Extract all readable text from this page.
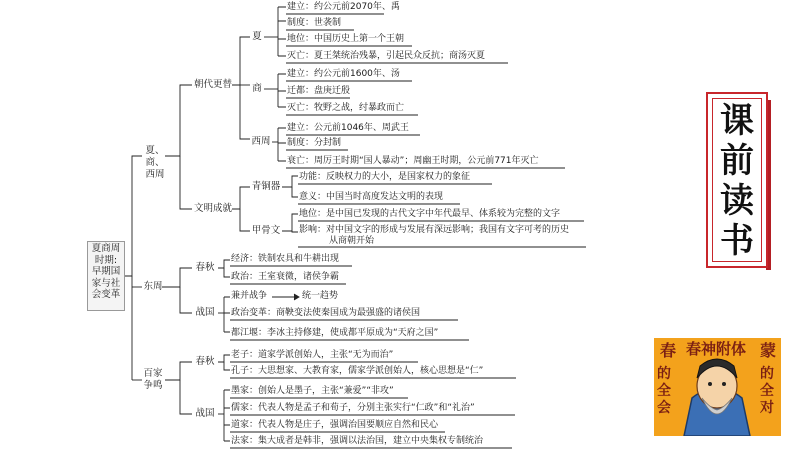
夏商周
时期:
早期国
家与社
会变革
夏、商、
西周
东周
百家
争鸣
朝代更替
文明成就
夏
商
西周
青铜器
甲骨文
春秋
战国
春秋
战国
建立：约公元前2070年、禹
制度：世袭制
地位：中国历史上第一个王朝
灭亡：夏王桀统治残暴，引起民众反抗；商汤灭夏
建立：约公元前1600年、汤
迁都：盘庚迁殷
灭亡：牧野之战，纣暴政而亡
建立：公元前1046年、周武王
制度：分封制
衰亡：周厉王时期“国人暴动”；周幽王时期，公元前771年灭亡
功能：反映权力的大小，是国家权力的象征
意义：中国当时高度发达文明的表现
地位：是中国已发现的古代文字中年代最早、体系较为完整的文字
影响：对中国文字的形成与发展有深远影响；我国有文字可考的历史
从商朝开始
经济：铁制农具和牛耕出现
政治：王室衰微，诸侯争霸
兼并战争	统一趋势
政治变革：商鞅变法使秦国成为最强盛的诸侯国
都江堰：李冰主持修建，使成都平原成为“天府之国”
老子：道家学派创始人，主张“无为而治”
孔子：大思想家、大教育家，儒家学派创始人，核心思想是“仁”
墨家：创始人是墨子，主张“兼爱”“非攻”
儒家：代表人物是孟子和荀子，分别主张实行“仁政”和“礼治”
道家：代表人物是庄子，强调治国要顺应自然和民心
法家：集大成者是韩非，强调以法治国，建立中央集权专制统治
课
前
读
书
春神附体
春
的全会
蒙
的全对
